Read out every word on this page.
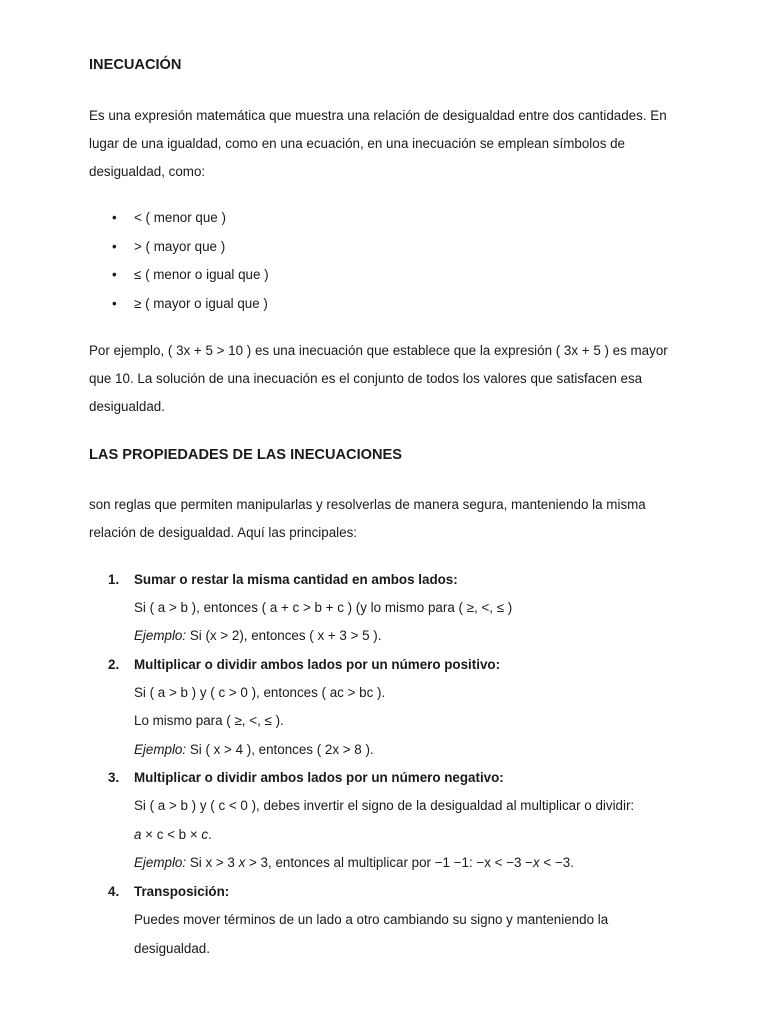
INECUACIÓN

Es una expresión matemática que muestra una relación de desigualdad entre dos cantidades. En

lugar de una igualdad, como en una ecuación, en una inecuación se emplean símbolos de

desigualdad, como:

• < ( menor que )
• > ( mayor que )
• ≤ ( menor o igual que )
• ≥ ( mayor o igual que )

Por ejemplo, ( 3x + 5 > 10 ) es una inecuación que establece que la expresión ( 3x + 5 ) es mayor

que 10. La solución de una inecuación es el conjunto de todos los valores que satisfacen esa

desigualdad.

LAS PROPIEDADES DE LAS INECUACIONES

son reglas que permiten manipularlas y resolverlas de manera segura, manteniendo la misma

relación de desigualdad. Aquí las principales:

1. Sumar o restar la misma cantidad en ambos lados:
Si ( a > b ), entonces ( a + c > b + c ) (y lo mismo para ( ≥, <, ≤ )
Ejemplo: Si (x > 2), entonces ( x + 3 > 5 ).
2. Multiplicar o dividir ambos lados por un número positivo:
Si ( a > b ) y ( c > 0 ), entonces ( ac > bc ).
Lo mismo para ( ≥, <, ≤ ).
Ejemplo: Si ( x > 4 ), entonces ( 2x > 8 ).
3. Multiplicar o dividir ambos lados por un número negativo:
Si ( a > b ) y ( c < 0 ), debes invertir el signo de la desigualdad al multiplicar o dividir:
a × c < b × c.
Ejemplo: Si x > 3 x > 3, entonces al multiplicar por −1 −1: −x < −3 −x < −3.
4. Transposición:
Puedes mover términos de un lado a otro cambiando su signo y manteniendo la
desigualdad.
